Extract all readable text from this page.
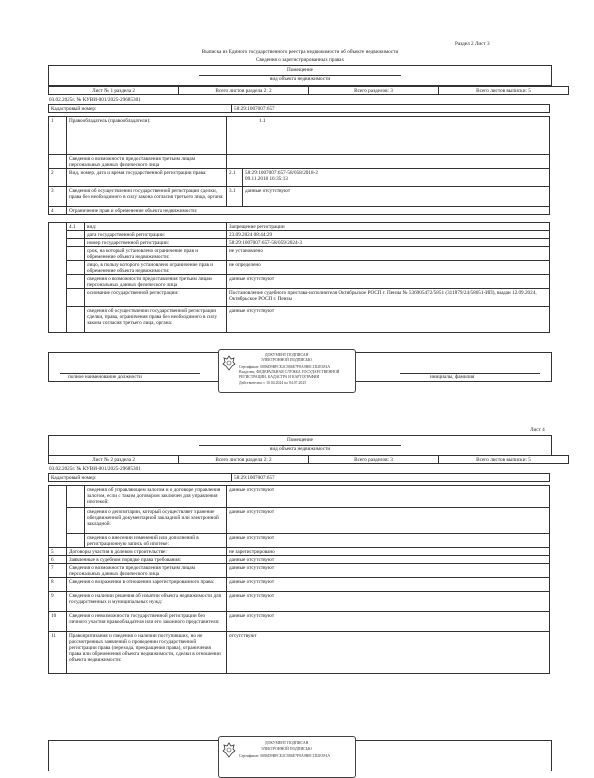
Раздел 2 Лист 3
Выписка из Единого государственного реестра недвижимости об объекте недвижимости
Сведения о зарегистрированных правах
Помещение
вид объекта недвижимости
Лист № 1 раздела 2	Всего листов раздела 2: 2	Всего разделов: 3	Всего листов выписки: 5
03.02.2025г. № КУВИ-001/2025-29685301
Кадастровый номер:	58:29:1007007:657
1	Правообладатель (правообладатели):	1.1	
	Сведения о возможности предоставления третьим лицам персональных данных физического лица		
2	Вид, номер, дата и время государственной регистрации права:	2.1	58:29:1007007:657-58/058/2018-2
09.11.2018 16:35:13
3	Сведения об осуществлении государственной регистрации сделки, права без необходимого в силу закона согласия третьего лица, органа:	3.1	данные отсутствуют
4	Ограничение прав и обременение объекта недвижимости:		
	4.1	вид:	Запрещение регистрации
		дата государственной регистрации:	23.09.2024 08:44:29
		номер государственной регистрации:	58:29:1007007:657-58/059/2024-3
		срок, на который установлено ограничение прав и обременение объекта недвижимости:	не установлено
		лицо, в пользу которого установлено ограничение прав и обременение объекта недвижимости:	не определено
		сведения о возможности предоставления третьим лицам персональных данных физического лица	данные отсутствуют
		основание государственной регистрации:	Постановление судебного пристава-исполнителя Октябрьское РОСП г. Пензы № 536905472/5851 (311879/24/58051-ИП), выдан 12.09.2024, Октябрьское РОСП г. Пензы
		сведения об осуществлении государственной регистрации сделки, права, ограничения права без необходимого в силу закона согласия третьего лица, органа:	данные отсутствуют
полное наименование должности	инициалы, фамилия
ДОКУМЕНТ ПОДПИСАН
ЭЛЕКТРОННОЙ ПОДПИСЬЮ
Сертификат: 0086D9BFCE2C5B6E7F8A9B0C1D2E3F4A
Владелец: ФЕДЕРАЛЬНАЯ СЛУЖБА ГОСУДАРСТВЕННОЙ
РЕГИСТРАЦИИ, КАДАСТРА И КАРТОГРАФИИ
Действителен: с 10.04.2024 по 04.07.2025
Лист 4
Помещение
вид объекта недвижимости
Лист № 2 раздела 2	Всего листов раздела 2: 2	Всего разделов: 3	Всего листов выписки: 5
03.02.2025г. № КУВИ-001/2025-29685301
Кадастровый номер:	58:29:1007007:657
		сведения об управляющем залогом и о договоре управления залогом, если с таким договором заключен для управления ипотекой:	данные отсутствуют
		сведения о депозитарии, который осуществляет хранение обездвиженной документарной закладной или электронной закладной:	данные отсутствуют
		сведения о внесении изменений или дополнений в регистрационную запись об ипотеке:	данные отсутствуют
5	Договоры участия в долевом строительстве:		не зарегистрировано
6	Заявленные в судебном порядке права требования:		данные отсутствуют
7	Сведения о возможности предоставления третьим лицам персональных данных физического лица		данные отсутствуют
8	Сведения о возражении в отношении зарегистрированного права:		данные отсутствуют
9	Сведения о наличии решения об изъятии объекта недвижимости для государственных и муниципальных нужд:		данные отсутствуют
10	Сведения о невозможности государственной регистрации без личного участия правообладателя или его законного представителя:		данные отсутствуют
11	Правопритязания и сведения о наличии поступивших, но не рассмотренных заявлений о проведении государственной регистрации права (перехода, прекращения права), ограничения права или обременения объекта недвижимости, сделки в отношении объекта недвижимости:		отсутствуют
ДОКУМЕНТ ПОДПИСАН
ЭЛЕКТРОННОЙ ПОДПИСЬЮ
Сертификат: 0086D9BFCE2C5B6E7F8A9B0C1D2E3F4A
